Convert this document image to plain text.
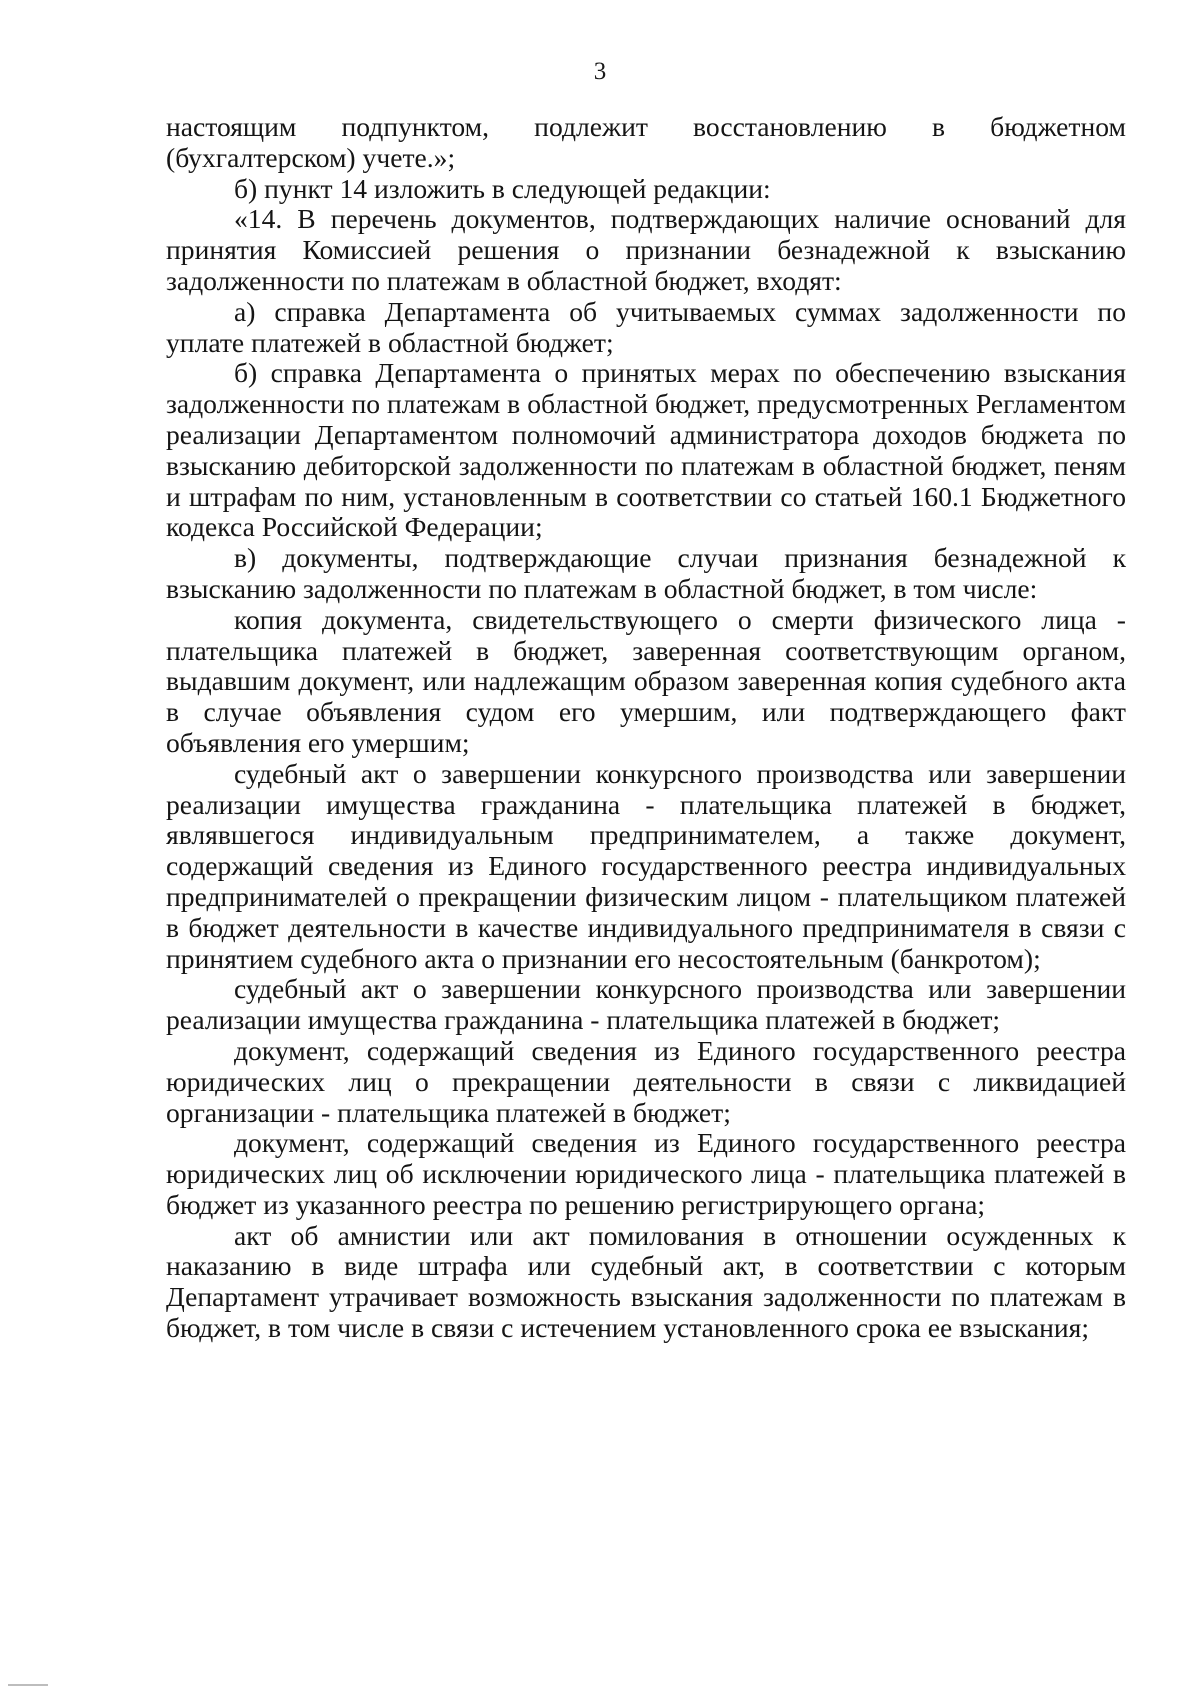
3

настоящим подпунктом, подлежит восстановлению в бюджетном (бухгалтерском) учете.»;

б) пункт 14 изложить в следующей редакции:

«14. В перечень документов, подтверждающих наличие оснований для принятия Комиссией решения о признании безнадежной к взысканию задолженности по платежам в областной бюджет, входят:

а) справка Департамента об учитываемых суммах задолженности по уплате платежей в областной бюджет;

б) справка Департамента о принятых мерах по обеспечению взыскания задолженности по платежам в областной бюджет, предусмотренных Регламентом реализации Департаментом полномочий администратора доходов бюджета по взысканию дебиторской задолженности по платежам в областной бюджет, пеням и штрафам по ним, установленным в соответствии со статьей 160.1 Бюджетного кодекса Российской Федерации;

в) документы, подтверждающие случаи признания безнадежной к взысканию задолженности по платежам в областной бюджет, в том числе:

копия документа, свидетельствующего о смерти физического лица - плательщика платежей в бюджет, заверенная соответствующим органом, выдавшим документ, или надлежащим образом заверенная копия судебного акта в случае объявления судом его умершим, или подтверждающего факт объявления его умершим;

судебный акт о завершении конкурсного производства или завершении реализации имущества гражданина - плательщика платежей в бюджет, являвшегося индивидуальным предпринимателем, а также документ, содержащий сведения из Единого государственного реестра индивидуальных предпринимателей о прекращении физическим лицом - плательщиком платежей в бюджет деятельности в качестве индивидуального предпринимателя в связи с принятием судебного акта о признании его несостоятельным (банкротом);

судебный акт о завершении конкурсного производства или завершении реализации имущества гражданина - плательщика платежей в бюджет;

документ, содержащий сведения из Единого государственного реестра юридических лиц о прекращении деятельности в связи с ликвидацией организации - плательщика платежей в бюджет;

документ, содержащий сведения из Единого государственного реестра юридических лиц об исключении юридического лица - плательщика платежей в бюджет из указанного реестра по решению регистрирующего органа;

акт об амнистии или акт помилования в отношении осужденных к наказанию в виде штрафа или судебный акт, в соответствии с которым Департамент утрачивает возможность взыскания задолженности по платежам в бюджет, в том числе в связи с истечением установленного срока ее взыскания;
